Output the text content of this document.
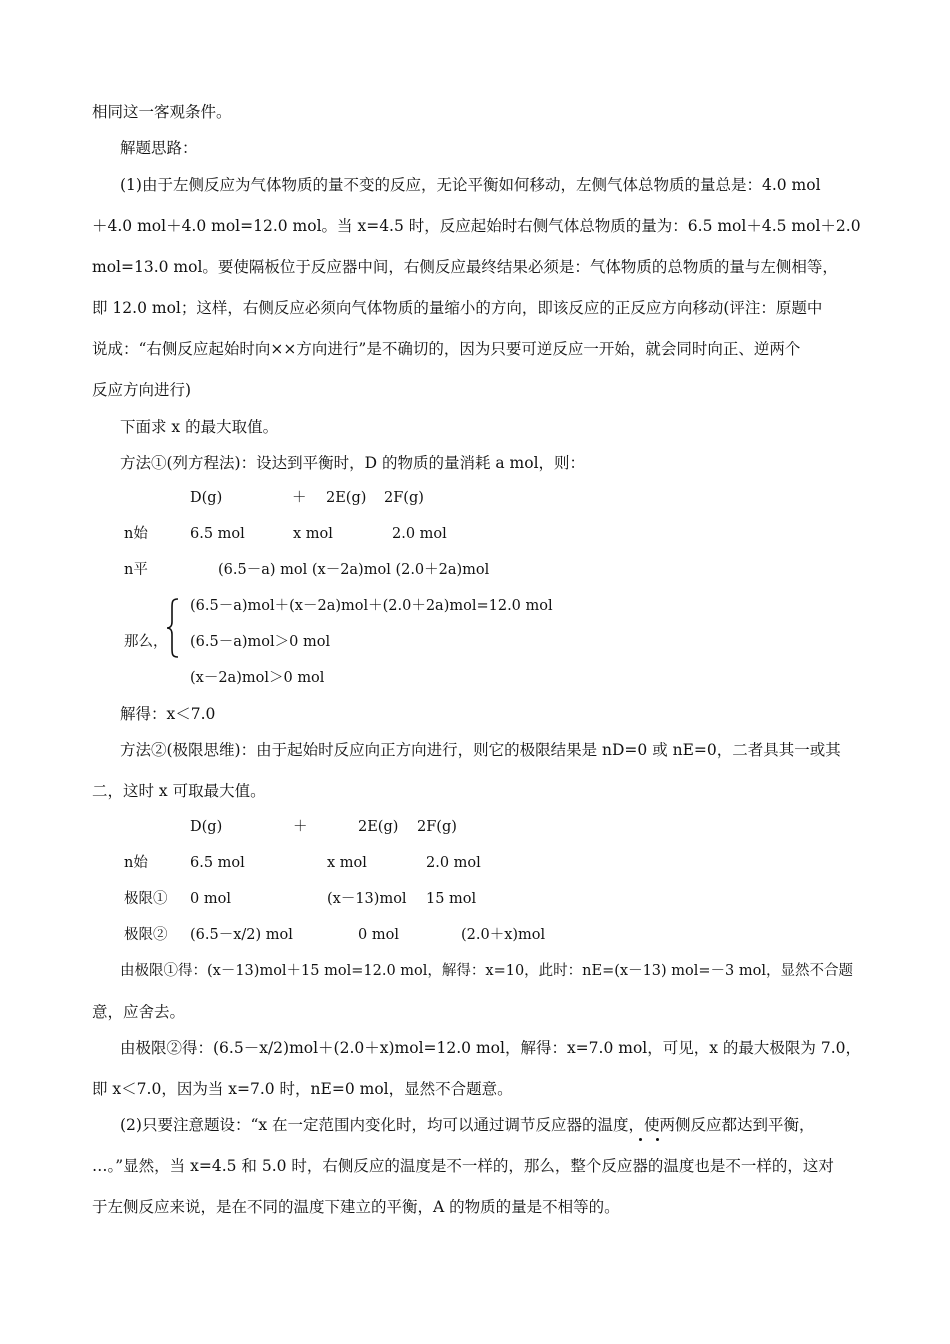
相同这一客观条件。
解题思路：
(1)由于左侧反应为气体物质的量不变的反应，无论平衡如何移动，左侧气体总物质的量总是：4.0 mol
＋4.0 mol＋4.0 mol=12.0 mol。当 x=4.5 时，反应起始时右侧气体总物质的量为：6.5 mol＋4.5 mol＋2.0
mol=13.0 mol。要使隔板位于反应器中间，右侧反应最终结果必须是：气体物质的总物质的量与左侧相等，
即 12.0 mol；这样，右侧反应必须向气体物质的量缩小的方向，即该反应的正反应方向移动(评注：原题中
说成：“右侧反应起始时向××方向进行”是不确切的，因为只要可逆反应一开始，就会同时向正、逆两个
反应方向进行)
下面求 x 的最大取值。
方法①(列方程法)：设达到平衡时，D 的物质的量消耗 a mol，则：
D(g)	＋ 2E(g) 2F(g)
n始	6.5 mol	x mol	2.0 mol
n平	(6.5－a) mol (x－2a)mol (2.0＋2a)mol
那么，
(6.5－a)mol＋(x－2a)mol＋(2.0＋2a)mol=12.0 mol
(6.5－a)mol＞0 mol
(x－2a)mol＞0 mol
解得：x＜7.0
方法②(极限思维)：由于起始时反应向正方向进行，则它的极限结果是 nD=0 或 nE=0，二者具其一或其
二，这时 x 可取最大值。
D(g)	＋	2E(g) 2F(g)
n始	6.5 mol	x mol	2.0 mol
极限① 0 mol	(x－13)mol 15 mol
极限② (6.5－x/2) mol	0 mol	(2.0＋x)mol
由极限①得：(x－13)mol＋15 mol=12.0 mol，解得：x=10，此时：nE=(x－13) mol=－3 mol，显然不合题
意，应舍去。
由极限②得：(6.5－x/2)mol＋(2.0＋x)mol=12.0 mol，解得：x=7.0 mol，可见，x 的最大极限为 7.0，
即 x＜7.0，因为当 x=7.0 时，nE=0 mol，显然不合题意。
(2)只要注意题设：“x 在一定范围内变化时，均可以通过调节反应器的温度，使两侧反应都达到平衡，
…。”显然，当 x=4.5 和 5.0 时，右侧反应的温度是不一样的，那么，整个反应器的温度也是不一样的，这对
于左侧反应来说，是在不同的温度下建立的平衡，A 的物质的量是不相等的。
